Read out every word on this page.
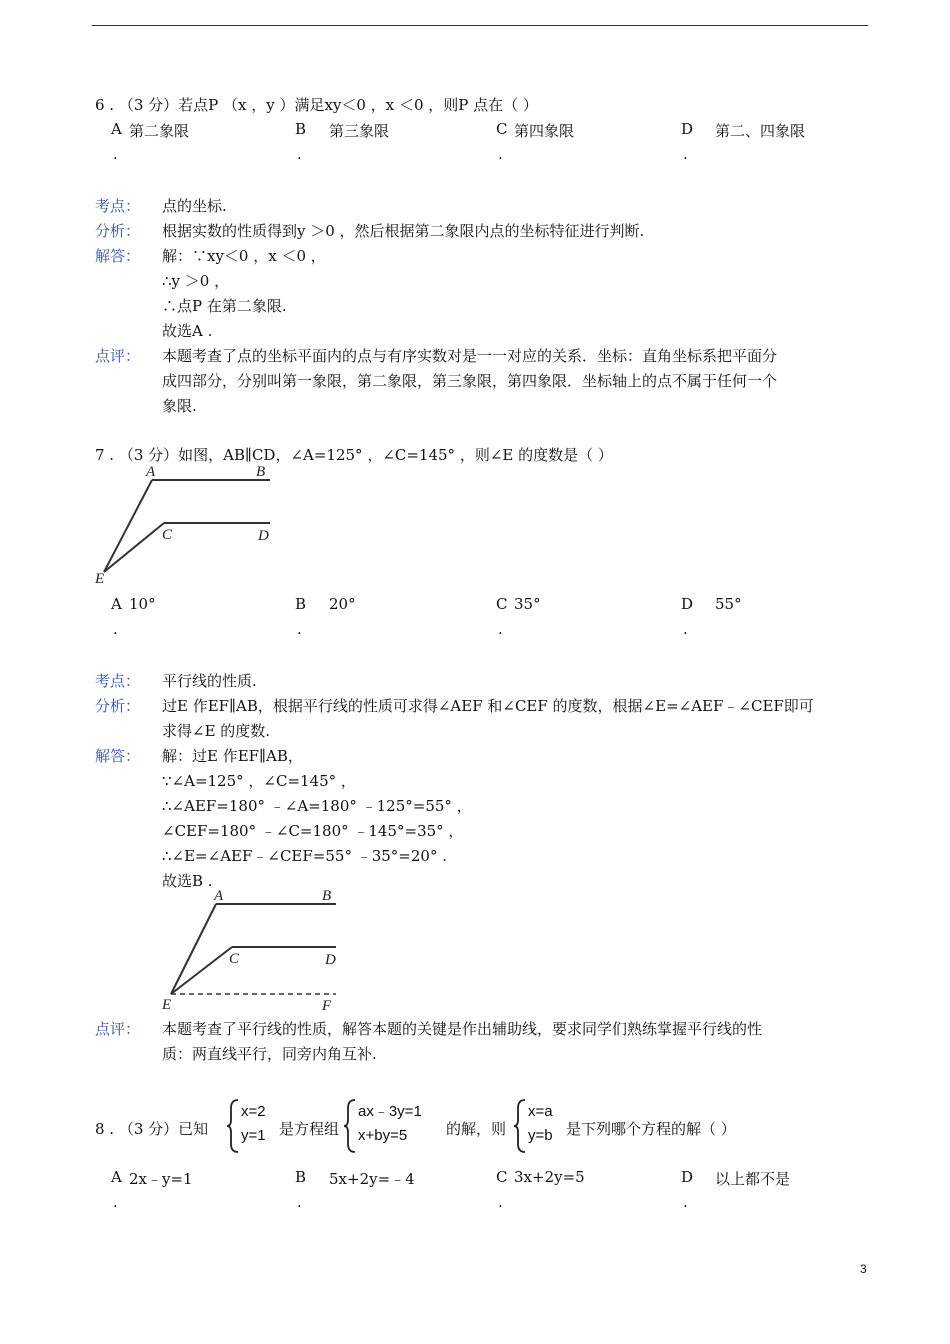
6 . （3 分）若点P （x ，y ）满足xy＜0 ，x ＜0 ，则P 点在（ ）
A 第二象限	B 第三象限	C 第四象限	D 第二、四象限
.	.	.	.
考点： 点的坐标.
分析： 根据实数的性质得到y ＞0 ，然后根据第二象限内点的坐标特征进行判断.
解答： 解：∵xy＜0 ，x ＜0 ，
∴y ＞0 ，
∴点P 在第二象限.
故选A .
点评： 本题考查了点的坐标平面内的点与有序实数对是一一对应的关系．坐标：直角坐标系把平面分
成四部分，分别叫第一象限，第二象限，第三象限，第四象限．坐标轴上的点不属于任何一个
象限.
7 . （3 分）如图，AB∥CD，∠A=125° ，∠C=145° ，则∠E 的度数是（ ）
A	B
C	D
E
A 10°	B 20°	C 35°	D 55°
.	.	.	.
考点： 平行线的性质.
分析： 过E 作EF∥AB，根据平行线的性质可求得∠AEF 和∠CEF 的度数，根据∠E=∠AEF﹣∠CEF即可
求得∠E 的度数.
解答： 解：过E 作EF∥AB，
∵∠A=125° ，∠C=145° ，
∴∠AEF=180° ﹣∠A=180° ﹣125°=55° ，
∠CEF=180° ﹣∠C=180° ﹣145°=35° ，
∴∠E=∠AEF﹣∠CEF=55° ﹣35°=20° .
故选B .
A	B
C	D
E	F
点评： 本题考查了平行线的性质，解答本题的关键是作出辅助线，要求同学们熟练掌握平行线的性
质：两直线平行，同旁内角互补.
8 . （3 分）已知
x=2
y=1 是方程组
ax﹣3y=1
x+by=5	的解，则
x=a
y=b 是下列哪个方程的解（ ）
A 2x﹣y=1	B 5x+2y=﹣4	C 3x+2y=5	D 以上都不是
.	.	.	.
3
